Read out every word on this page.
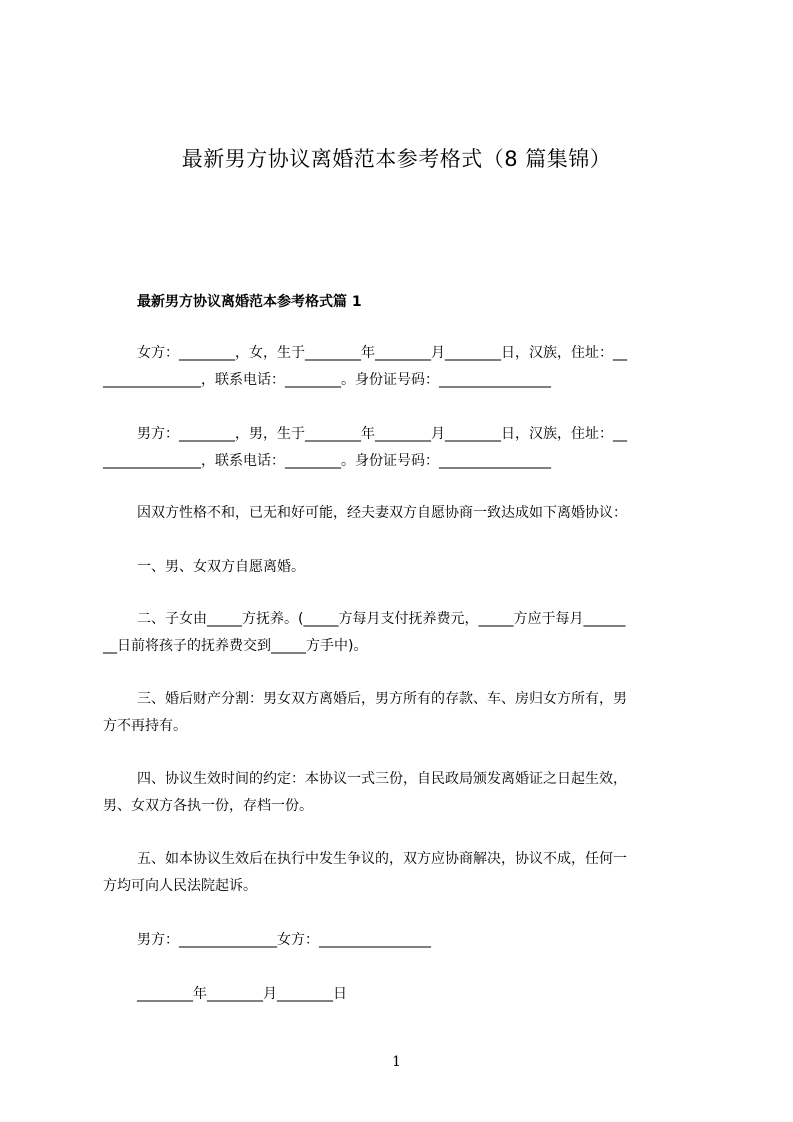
最新男方协议离婚范本参考格式（8 篇集锦）
最新男方协议离婚范本参考格式篇 1
女方：________，女，生于________年________月________日，汉族，住址：__
______________，联系电话：________。身份证号码：________________
男方：________，男，生于________年________月________日，汉族，住址：__
______________，联系电话：________。身份证号码：________________
因双方性格不和，已无和好可能，经夫妻双方自愿协商一致达成如下离婚协议：
一、男、女双方自愿离婚。
二、子女由_____方抚养。(_____方每月支付抚养费元，_____方应于每月______
__日前将孩子的抚养费交到_____方手中)。
三、婚后财产分割：男女双方离婚后，男方所有的存款、车、房归女方所有，男
方不再持有。
四、协议生效时间的约定：本协议一式三份，自民政局颁发离婚证之日起生效，
男、女双方各执一份，存档一份。
五、如本协议生效后在执行中发生争议的，双方应协商解决，协议不成，任何一
方均可向人民法院起诉。
男方：______________女方：________________
________年________月________日
1
